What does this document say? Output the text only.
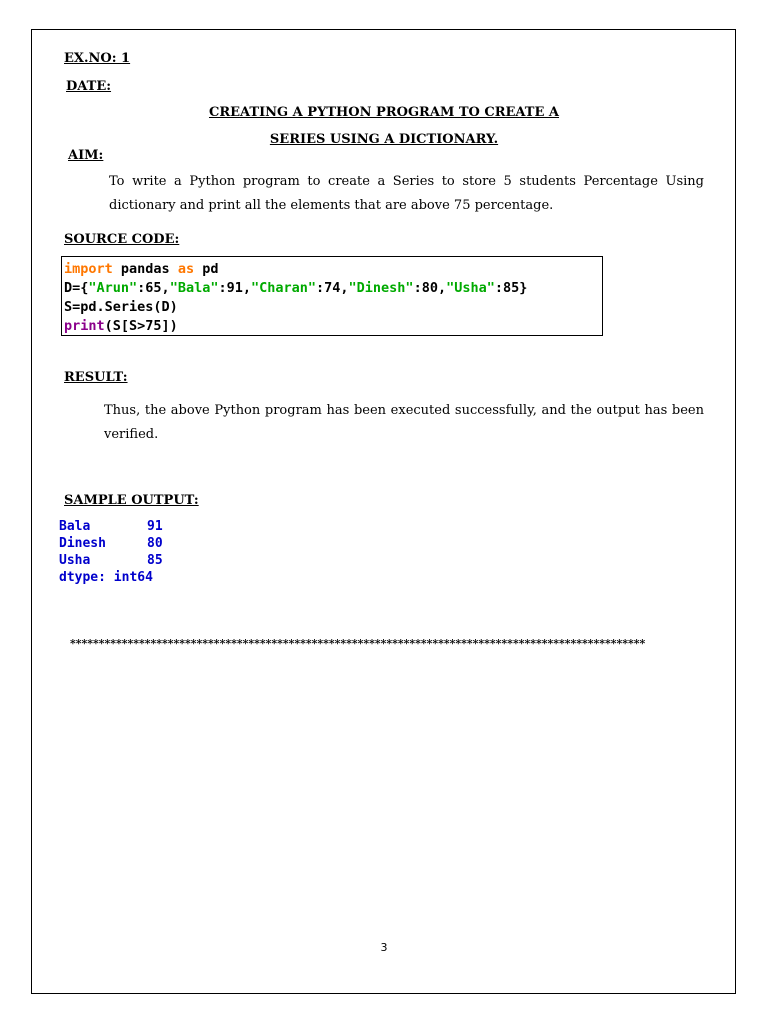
EX.NO: 1
DATE:
CREATING A PYTHON PROGRAM TO CREATE A
SERIES USING A DICTIONARY.
AIM:
To write a Python program to create a Series to store 5 students Percentage Using dictionary and print all the elements that are above 75 percentage.
SOURCE CODE:
import pandas as pd
D={"Arun":65,"Bala":91,"Charan":74,"Dinesh":80,"Usha":85}
S=pd.Series(D)
print(S[S>75])
RESULT:
Thus, the above Python program has been executed successfully, and the output has been verified.
SAMPLE OUTPUT:
Bala	91
Dinesh	80
Usha	85
dtype: int64
****************************************************************************************************
3
